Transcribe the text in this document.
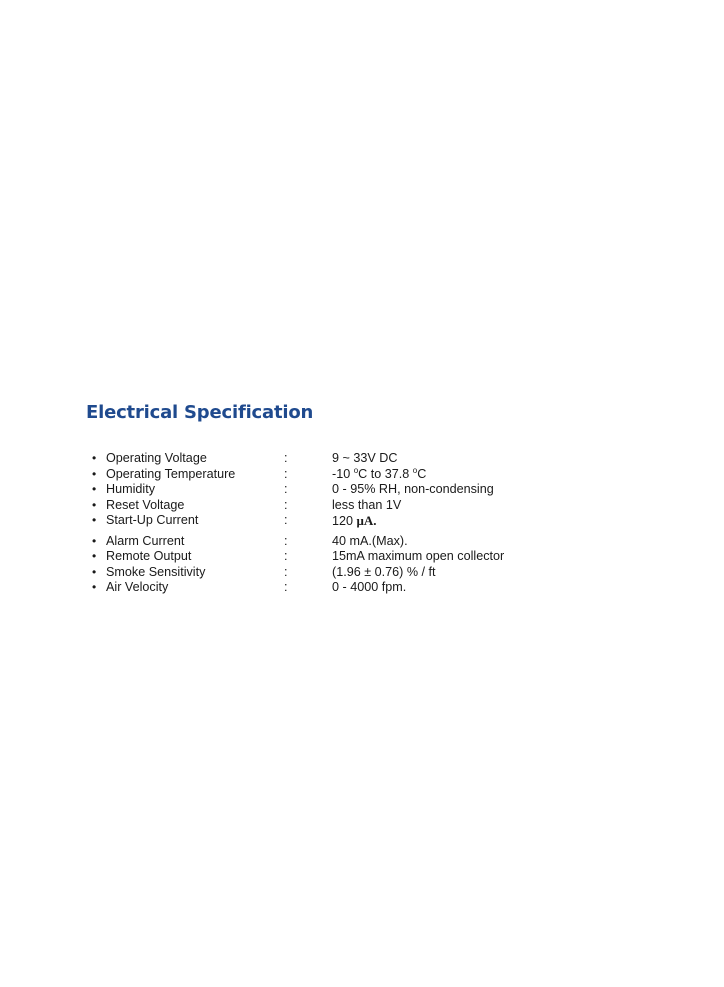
Electrical Specification
• Operating Voltage	:	9 ~ 33V DC
• Operating Temperature	:	-10 $^o$C to 37.8 $^o$C
• Humidity	:	0 - 95% RH, non-condensing
• Reset Voltage	:	less than 1V
• Start-Up Current	:	120 μA.
• Alarm Current	:	40 mA.(Max).
• Remote Output	:	15mA maximum open collector
• Smoke Sensitivity	:	(1.96 ± 0.76) % / ft
• Air Velocity	:	0 - 4000 fpm.
